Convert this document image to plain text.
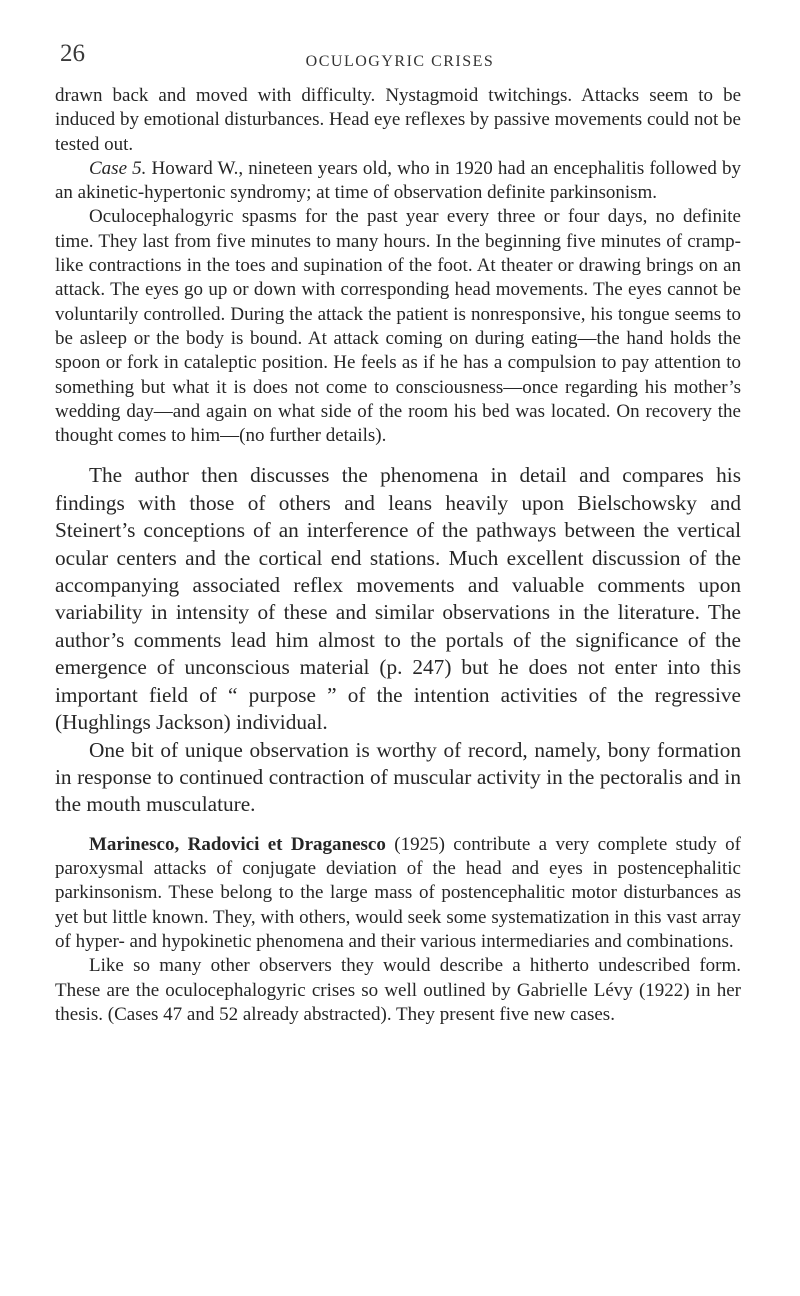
26	OCULOGYRIC CRISES

drawn back and moved with difficulty. Nystagmoid twitchings. Attacks seem to be induced by emotional disturbances. Head eye reflexes by passive movements could not be tested out.

Case 5. Howard W., nineteen years old, who in 1920 had an encephalitis followed by an akinetic-hypertonic syndromy; at time of observation definite parkinsonism.

Oculocephalogyric spasms for the past year every three or four days, no definite time. They last from five minutes to many hours. In the beginning five minutes of cramp-like contractions in the toes and supination of the foot. At theater or drawing brings on an attack. The eyes go up or down with corresponding head movements. The eyes cannot be voluntarily controlled. During the attack the patient is nonresponsive, his tongue seems to be asleep or the body is bound. At attack coming on during eating—the hand holds the spoon or fork in cataleptic position. He feels as if he has a compulsion to pay attention to something but what it is does not come to consciousness—once regarding his mother’s wedding day—and again on what side of the room his bed was located. On recovery the thought comes to him—(no further details).

The author then discusses the phenomena in detail and compares his findings with those of others and leans heavily upon Bielschowsky and Steinert’s conceptions of an interference of the pathways between the vertical ocular centers and the cortical end stations. Much excellent discussion of the accompanying associated reflex movements and valuable comments upon variability in intensity of these and similar observations in the literature. The author’s comments lead him almost to the portals of the significance of the emergence of unconscious material (p. 247) but he does not enter into this important field of “ purpose ” of the intention activities of the regressive (Hughlings Jackson) individual.

One bit of unique observation is worthy of record, namely, bony formation in response to continued contraction of muscular activity in the pectoralis and in the mouth musculature.

Marinesco, Radovici et Draganesco (1925) contribute a very complete study of paroxysmal attacks of conjugate deviation of the head and eyes in postencephalitic parkinsonism. These belong to the large mass of postencephalitic motor disturbances as yet but little known. They, with others, would seek some systematization in this vast array of hyper- and hypokinetic phenomena and their various intermediaries and combinations.

Like so many other observers they would describe a hitherto undescribed form. These are the oculocephalogyric crises so well outlined by Gabrielle Lévy (1922) in her thesis. (Cases 47 and 52 already abstracted). They present five new cases.
